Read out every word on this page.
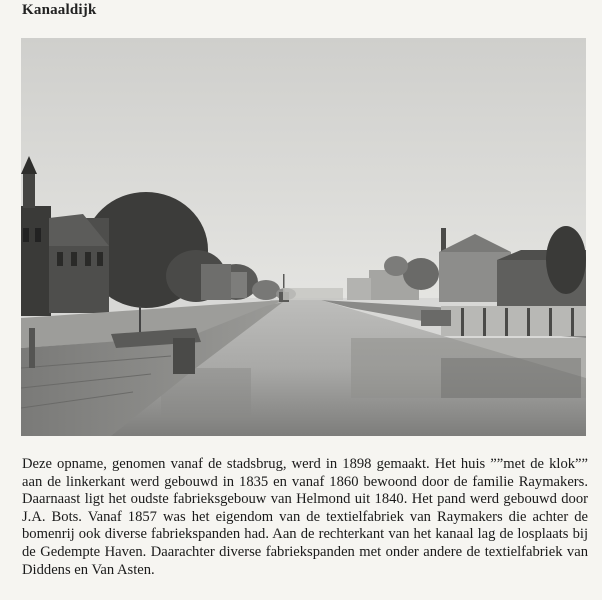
Kanaaldijk

Deze opname, genomen vanaf de stadsbrug, werd in 1898 gemaakt. Het huis ””met de klok”” aan de linkerkant werd gebouwd in 1835 en vanaf 1860 bewoond door de familie Raymakers. Daarnaast ligt het oudste fabrieksgebouw van Helmond uit 1840. Het pand werd gebouwd door J.A. Bots. Vanaf 1857 was het eigendom van de textielfabriek van Raymakers die achter de bomenrij ook diverse fabriekspanden had. Aan de rechterkant van het kanaal lag de losplaats bij de Gedempte Haven. Daarachter diverse fabriekspanden met onder andere de textielfabriek van Diddens en Van Asten.
